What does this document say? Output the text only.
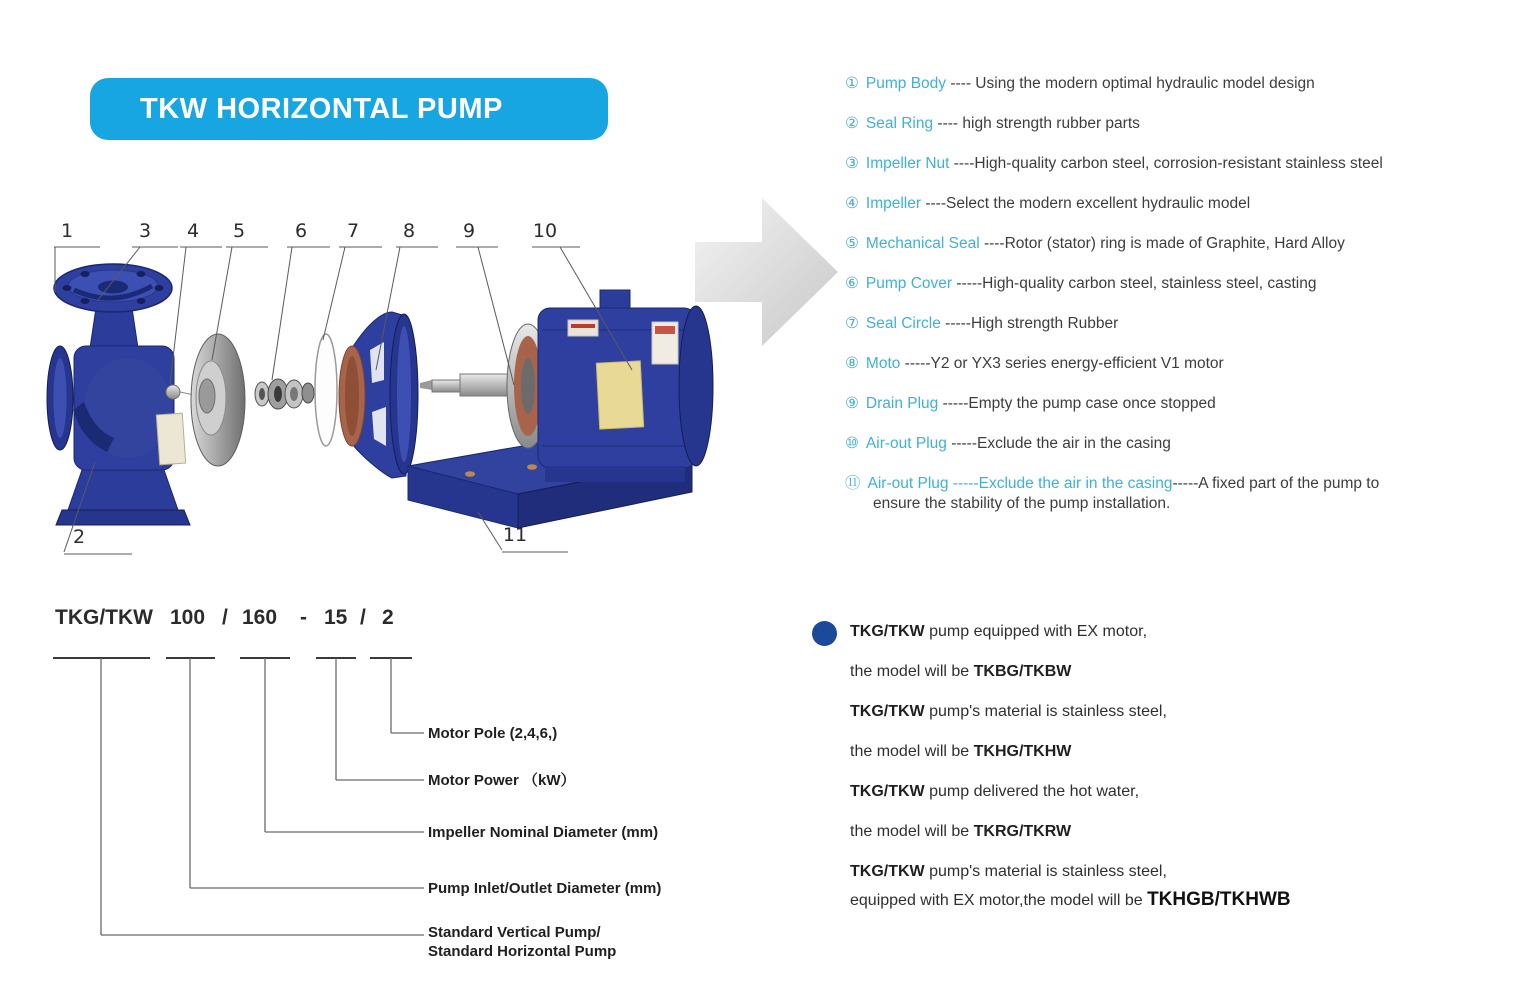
TKW HORIZONTAL PUMP
1	3	4	5	6	7	8	9	10
2	11
① Pump Body ---- Using the modern optimal hydraulic model design
② Seal Ring ---- high strength rubber parts
③ Impeller Nut ----High-quality carbon steel, corrosion-resistant stainless steel
④ Impeller ----Select the modern excellent hydraulic model
⑤ Mechanical Seal ----Rotor (stator) ring is made of Graphite, Hard Alloy
⑥ Pump Cover -----High-quality carbon steel, stainless steel, casting
⑦ Seal Circle -----High strength Rubber
⑧ Moto -----Y2 or YX3 series energy-efficient V1 motor
⑨ Drain Plug -----Empty the pump case once stopped
⑩ Air-out Plug -----Exclude the air in the casing
⑪ Air-out Plug -----Exclude the air in the casing-----A fixed part of the pump to
ensure the stability of the pump installation.
TKG/TKW 100 / 160 - 15 / 2
Motor Pole (2,4,6,)
Motor Power （kW）
Impeller Nominal Diameter (mm)
Pump Inlet/Outlet Diameter (mm)
Standard Vertical Pump/
Standard Horizontal Pump
TKG/TKW pump equipped with EX motor,
the model will be TKBG/TKBW
TKG/TKW pump's material is stainless steel,
the model will be TKHG/TKHW
TKG/TKW pump delivered the hot water,
the model will be TKRG/TKRW
TKG/TKW pump's material is stainless steel,
equipped with EX motor,the model will be TKHGB/TKHWB
